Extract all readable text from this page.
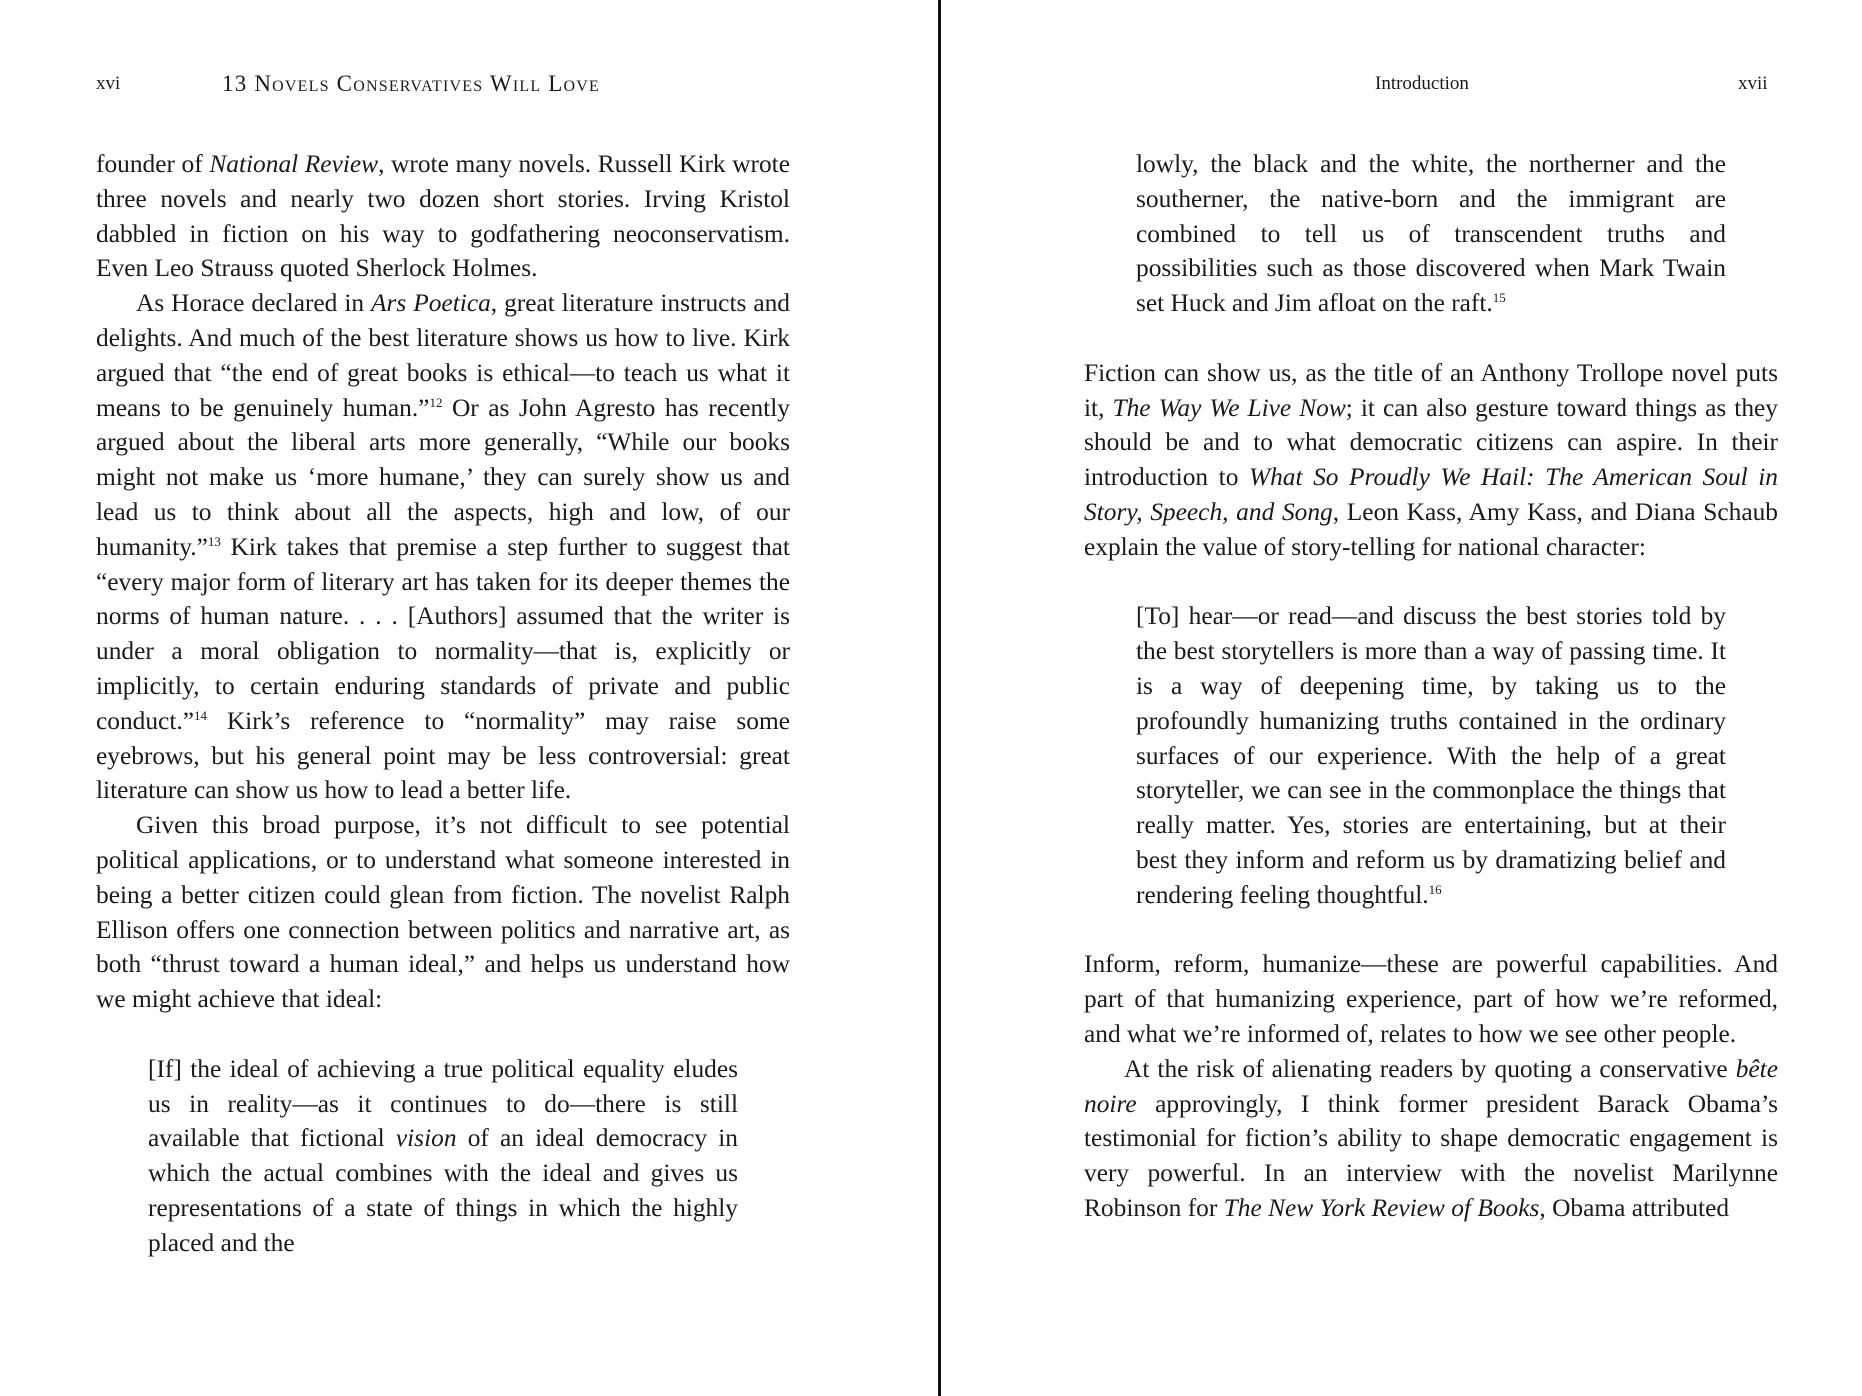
xvi	13 Novels Conservatives Will Love

founder of National Review, wrote many novels. Russell Kirk wrote three novels and nearly two dozen short stories. Irving Kristol dabbled in fiction on his way to godfathering neoconservatism. Even Leo Strauss quoted Sherlock Holmes.

As Horace declared in Ars Poetica, great literature instructs and delights. And much of the best literature shows us how to live. Kirk argued that “the end of great books is ethical—to teach us what it means to be genuinely human.”$^{12}$ Or as John Agresto has recently argued about the liberal arts more generally, “While our books might not make us ‘more humane,’ they can surely show us and lead us to think about all the aspects, high and low, of our humanity.”$^{13}$ Kirk takes that premise a step further to suggest that “every major form of literary art has taken for its deeper themes the norms of human nature. . . . [Authors] assumed that the writer is under a moral obligation to normality—that is, explicitly or implicitly, to certain enduring standards of private and public conduct.”$^{14}$ Kirk’s reference to “normality” may raise some eyebrows, but his general point may be less controversial: great literature can show us how to lead a better life.

Given this broad purpose, it’s not difficult to see potential political applications, or to understand what someone interested in being a better citizen could glean from fiction. The novelist Ralph Ellison offers one connection between politics and narrative art, as both “thrust toward a human ideal,” and helps us understand how we might achieve that ideal:

[If] the ideal of achieving a true political equality eludes us in reality—as it continues to do—there is still available that fictional vision of an ideal democracy in which the actual combines with the ideal and gives us representations of a state of things in which the highly placed and the

Introduction	xvii

lowly, the black and the white, the northerner and the southerner, the native-born and the immigrant are combined to tell us of transcendent truths and possibilities such as those discovered when Mark Twain set Huck and Jim afloat on the raft.$^{15}$

Fiction can show us, as the title of an Anthony Trollope novel puts it, The Way We Live Now; it can also gesture toward things as they should be and to what democratic citizens can aspire. In their introduction to What So Proudly We Hail: The American Soul in Story, Speech, and Song, Leon Kass, Amy Kass, and Diana Schaub explain the value of story-telling for national character:

[To] hear—or read—and discuss the best stories told by the best storytellers is more than a way of passing time. It is a way of deepening time, by taking us to the profoundly humanizing truths contained in the ordinary surfaces of our experience. With the help of a great storyteller, we can see in the commonplace the things that really matter. Yes, stories are entertaining, but at their best they inform and reform us by dramatizing belief and rendering feeling thoughtful.$^{16}$

Inform, reform, humanize—these are powerful capabilities. And part of that humanizing experience, part of how we’re reformed, and what we’re informed of, relates to how we see other people.

At the risk of alienating readers by quoting a conservative bête noire approvingly, I think former president Barack Obama’s testimonial for fiction’s ability to shape democratic engagement is very powerful. In an interview with the novelist Marilynne Robinson for The New York Review of Books, Obama attributed
